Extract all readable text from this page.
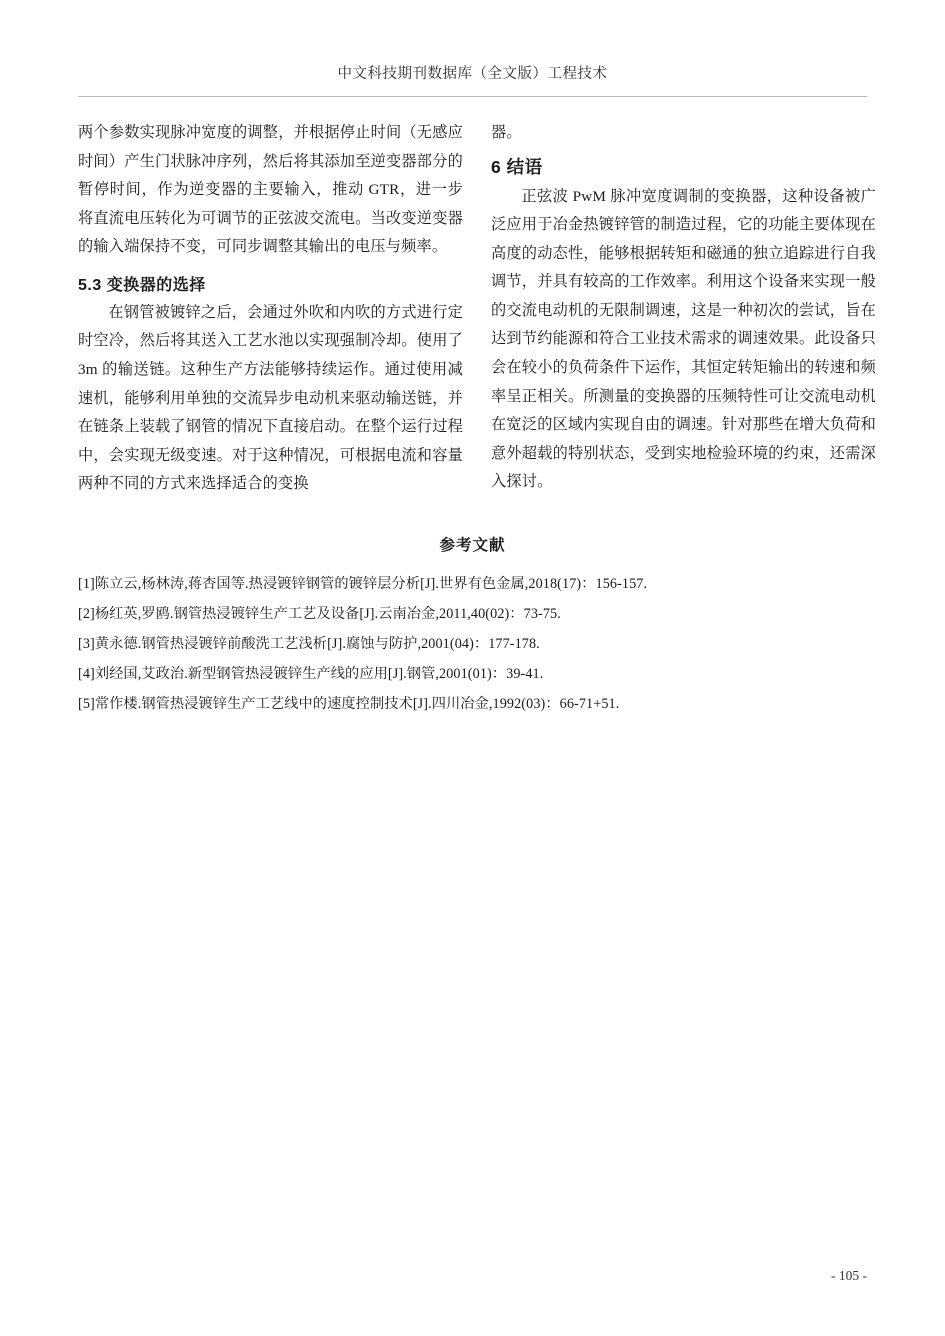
中文科技期刊数据库（全文版）工程技术

两个参数实现脉冲宽度的调整，并根据停止时间（无感应时间）产生门状脉冲序列，然后将其添加至逆变器部分的暂停时间，作为逆变器的主要输入，推动 GTR，进一步将直流电压转化为可调节的正弦波交流电。当改变逆变器的输入端保持不变，可同步调整其输出的电压与频率。

5.3 变换器的选择

在钢管被镀锌之后，会通过外吹和内吹的方式进行定时空冷，然后将其送入工艺水池以实现强制冷却。使用了 3m 的输送链。这种生产方法能够持续运作。通过使用减速机，能够利用单独的交流异步电动机来驱动输送链，并在链条上装载了钢管的情况下直接启动。在整个运行过程中，会实现无级变速。对于这种情况，可根据电流和容量两种不同的方式来选择适合的变换

器。

6 结语

正弦波 PwM 脉冲宽度调制的变换器，这种设备被广泛应用于冶金热镀锌管的制造过程，它的功能主要体现在高度的动态性，能够根据转矩和磁通的独立追踪进行自我调节，并具有较高的工作效率。利用这个设备来实现一般的交流电动机的无限制调速，这是一种初次的尝试，旨在达到节约能源和符合工业技术需求的调速效果。此设备只会在较小的负荷条件下运作，其恒定转矩输出的转速和频率呈正相关。所测量的变换器的压频特性可让交流电动机在宽泛的区域内实现自由的调速。针对那些在增大负荷和意外超载的特别状态，受到实地检验环境的约束，还需深入探讨。

参考文献
[1]陈立云,杨林涛,蒋杏国等.热浸镀锌钢管的镀锌层分析[J].世界有色金属,2018(17)：156-157.
[2]杨红英,罗鸥.钢管热浸镀锌生产工艺及设备[J].云南冶金,2011,40(02)：73-75.
[3]黄永德.钢管热浸镀锌前酸洗工艺浅析[J].腐蚀与防护,2001(04)：177-178.
[4]刘经国,艾政治.新型钢管热浸镀锌生产线的应用[J].钢管,2001(01)：39-41.
[5]常作楼.钢管热浸镀锌生产工艺线中的速度控制技术[J].四川冶金,1992(03)：66-71+51.
- 105 -
